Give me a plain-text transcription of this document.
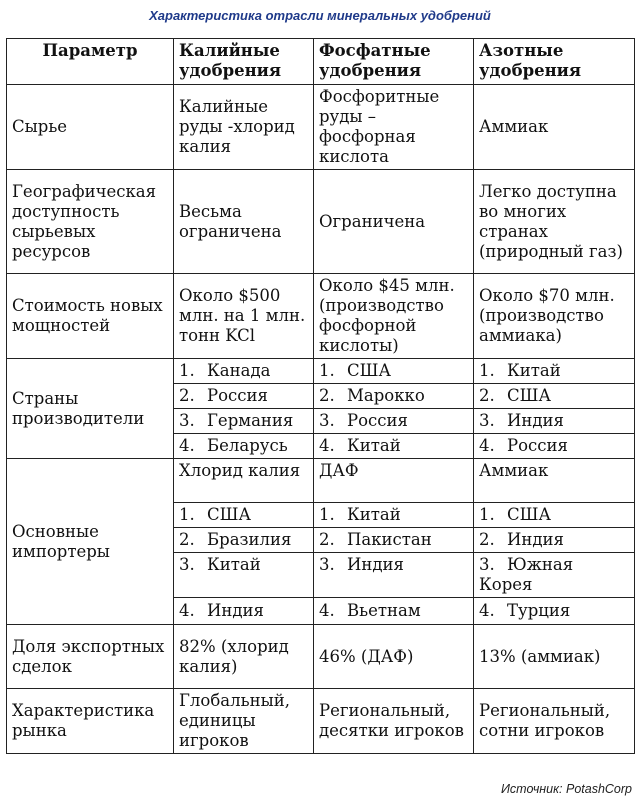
Характеристика отрасли минеральных удобрений
Параметр	Калийные удобрения	Фосфатные удобрения	Азотные удобрения
Сырье	Калийные руды -хлорид калия	Фосфоритные руды – фосфорная кислота	Аммиак
Географическая доступность сырьевых ресурсов	Весьма ограничена	Ограничена	Легко доступна во многих странах (природный газ)
Стоимость новых мощностей	Около $500 млн. на 1 млн. тонн KCl	Около $45 млн. (производство фосфорной кислоты)	Около $70 млн. (производство аммиака)
Страны производители	1. Канада	1. США	1. Китай
	2. Россия	2. Марокко	2. США
	3. Германия	3. Россия	3. Индия
	4. Беларусь	4. Китай	4. Россия
Основные импортеры	Хлорид калия	ДАФ	Аммиак
	1. США	1. Китай	1. США
	2. Бразилия	2. Пакистан	2. Индия
	3. Китай	3. Индия	3. Южная Корея
	4. Индия	4. Вьетнам	4. Турция
Доля экспортных сделок	82% (хлорид калия)	46% (ДАФ)	13% (аммиак)
Характеристика рынка	Глобальный, единицы игроков	Региональный, десятки игроков	Региональный, сотни игроков
Источник: PotashCorp
